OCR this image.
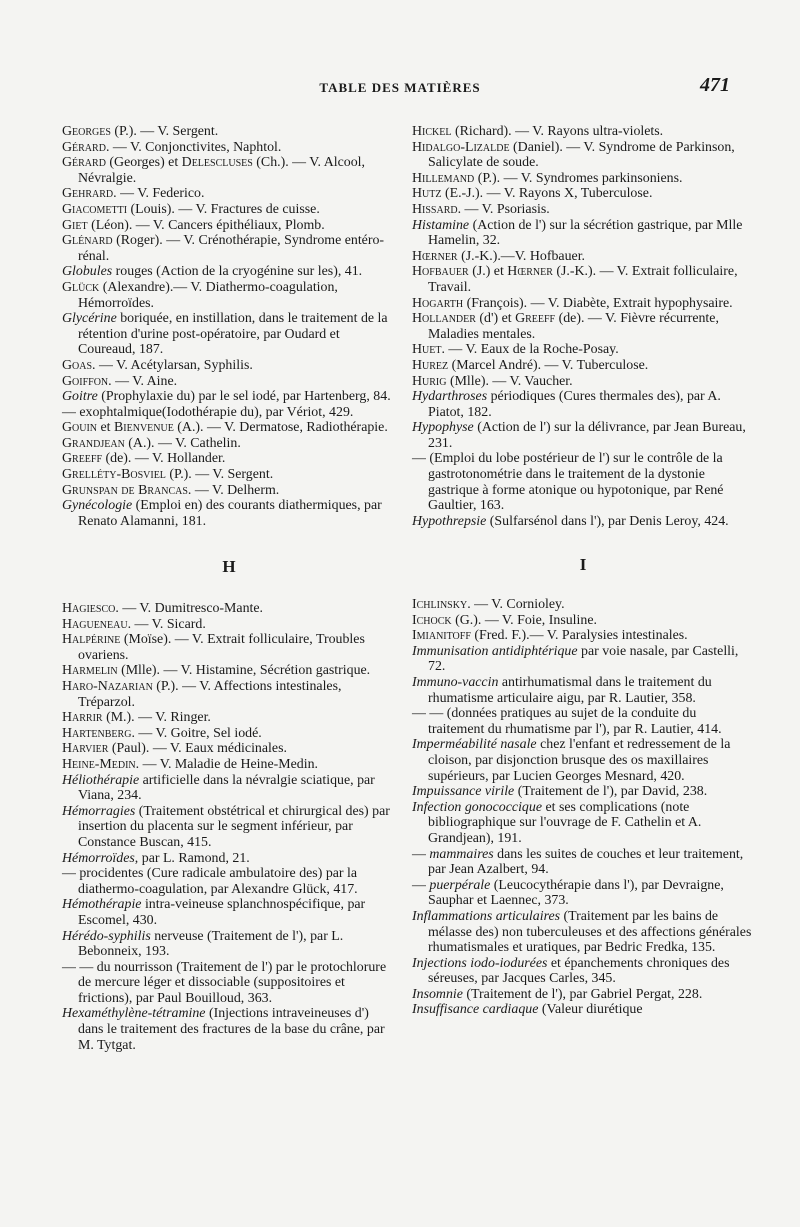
TABLE DES MATIÈRES	471

Georges (P.). — V. Sergent.

Gérard. — V. Conjonctivites, Naphtol.

Gérard (Georges) et Delescluses (Ch.). — V. Alcool, Névralgie.

Gehrard. — V. Federico.

Giacometti (Louis). — V. Fractures de cuisse.

Giet (Léon). — V. Cancers épithéliaux, Plomb.

Glénard (Roger). — V. Crénothérapie, Syndrome entéro-rénal.

Globules rouges (Action de la cryogénine sur les), 41.

Glück (Alexandre).— V. Diathermo-coagulation, Hémorroïdes.

Glycérine boriquée, en instillation, dans le traitement de la rétention d'urine post-opératoire, par Oudard et Coureaud, 187.

Goas. — V. Acétylarsan, Syphilis.

Goiffon. — V. Aine.

Goitre (Prophylaxie du) par le sel iodé, par Hartenberg, 84.

— exophtalmique(Iodothérapie du), par Vériot, 429.

Gouin et Bienvenue (A.). — V. Dermatose, Radiothérapie.

Grandjean (A.). — V. Cathelin.

Greeff (de). — V. Hollander.

Grelléty-Bosviel (P.). — V. Sergent.

Grunspan de Brancas. — V. Delherm.

Gynécologie (Emploi en) des courants diathermiques, par Renato Alamanni, 181.

H

Hagiesco. — V. Dumitresco-Mante.

Hagueneau. — V. Sicard.

Halpérine (Moïse). — V. Extrait folliculaire, Troubles ovariens.

Harmelin (Mlle). — V. Histamine, Sécrétion gastrique.

Haro-Nazarian (P.). — V. Affections intestinales, Tréparzol.

Harrir (M.). — V. Ringer.

Hartenberg. — V. Goitre, Sel iodé.

Harvier (Paul). — V. Eaux médicinales.

Heine-Medin. — V. Maladie de Heine-Medin.

Héliothérapie artificielle dans la névralgie sciatique, par Viana, 234.

Hémorragies (Traitement obstétrical et chirurgical des) par insertion du placenta sur le segment inférieur, par Constance Buscan, 415.

Hémorroïdes, par L. Ramond, 21.

— procidentes (Cure radicale ambulatoire des) par la diathermo-coagulation, par Alexandre Glück, 417.

Hémothérapie intra-veineuse splanchnospécifique, par Escomel, 430.

Hérédo-syphilis nerveuse (Traitement de l'), par L. Bebonneix, 193.

— — du nourrisson (Traitement de l') par le protochlorure de mercure léger et dissociable (suppositoires et frictions), par Paul Bouilloud, 363.

Hexaméthylène-tétramine (Injections intraveineuses d') dans le traitement des fractures de la base du crâne, par M. Tytgat.

Hickel (Richard). — V. Rayons ultra-violets.

Hidalgo-Lizalde (Daniel). — V. Syndrome de Parkinson, Salicylate de soude.

Hillemand (P.). — V. Syndromes parkinsoniens.

Hutz (E.-J.). — V. Rayons X, Tuberculose.

Hissard. — V. Psoriasis.

Histamine (Action de l') sur la sécrétion gastrique, par Mlle Hamelin, 32.

Hœrner (J.-K.).—V. Hofbauer.

Hofbauer (J.) et Hœrner (J.-K.). — V. Extrait folliculaire, Travail.

Hogarth (François). — V. Diabète, Extrait hypophysaire.

Hollander (d') et Greeff (de). — V. Fièvre récurrente, Maladies mentales.

Huet. — V. Eaux de la Roche-Posay.

Hurez (Marcel André). — V. Tuberculose.

Hurig (Mlle). — V. Vaucher.

Hydarthroses périodiques (Cures thermales des), par A. Piatot, 182.

Hypophyse (Action de l') sur la délivrance, par Jean Bureau, 231.

— (Emploi du lobe postérieur de l') sur le contrôle de la gastrotonométrie dans le traitement de la dystonie gastrique à forme atonique ou hypotonique, par René Gaultier, 163.

Hypothrepsie (Sulfarsénol dans l'), par Denis Leroy, 424.

I

Ichlinsky. — V. Cornioley.

Ichock (G.). — V. Foie, Insuline.

Imianitoff (Fred. F.).— V. Paralysies intestinales.

Immunisation antidiphtérique par voie nasale, par Castelli, 72.

Immuno-vaccin antirhumatismal dans le traitement du rhumatisme articulaire aigu, par R. Lautier, 358.

— — (données pratiques au sujet de la conduite du traitement du rhumatisme par l'), par R. Lautier, 414.

Imperméabilité nasale chez l'enfant et redressement de la cloison, par disjonction brusque des os maxillaires supérieurs, par Lucien Georges Mesnard, 420.

Impuissance virile (Traitement de l'), par David, 238.

Infection gonococcique et ses complications (note bibliographique sur l'ouvrage de F. Cathelin et A. Grandjean), 191.

— mammaires dans les suites de couches et leur traitement, par Jean Azalbert, 94.

— puerpérale (Leucocythérapie dans l'), par Devraigne, Sauphar et Laennec, 373.

Inflammations articulaires (Traitement par les bains de mélasse des) non tuberculeuses et des affections générales rhumatismales et uratiques, par Bedric Fredka, 135.

Injections iodo-iodurées et épanchements chroniques des séreuses, par Jacques Carles, 345.

Insomnie (Traitement de l'), par Gabriel Pergat, 228.

Insuffisance cardiaque (Valeur diurétique
